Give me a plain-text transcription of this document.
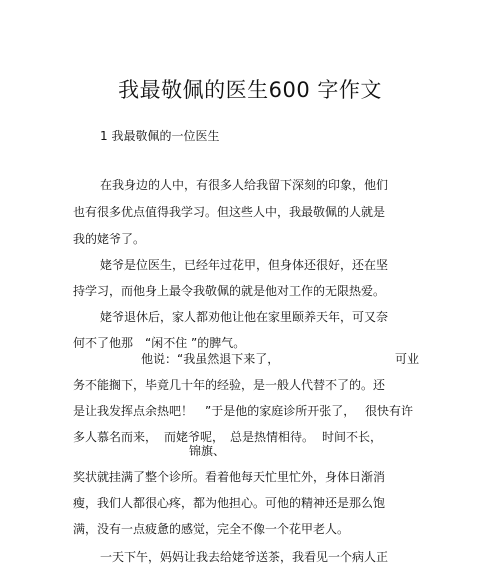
我最敬佩的医生600 字作文
1 我最敬佩的一位医生
在我身边的人中，有很多人给我留下深刻的印象，他们
也有很多优点值得我学习。但这些人中，我最敬佩的人就是
我的姥爷了。
姥爷是位医生，已经年过花甲，但身体还很好，还在坚
持学习，而他身上最令我敬佩的就是他对工作的无限热爱。
姥爷退休后，家人都劝他让他在家里颐养天年，可又奈
何不了他那　“闲不住 ”的脾气。
他说：“我虽然退下来了，	可业
务不能搁下，毕竟几十年的经验，是一般人代替不了的。还
是让我发挥点余热吧！　”于是他的家庭诊所开张了， 很快有许
多人慕名而来， 而姥爷呢， 总是热情相待。 时间不长，
锦旗、
奖状就挂满了整个诊所。看着他每天忙里忙外，身体日渐消
瘦，我们人都很心疼，都为他担心。可他的精神还是那么饱
满，没有一点疲惫的感觉，完全不像一个花甲老人。
一天下午，妈妈让我去给姥爷送茶，我看见一个病人正
